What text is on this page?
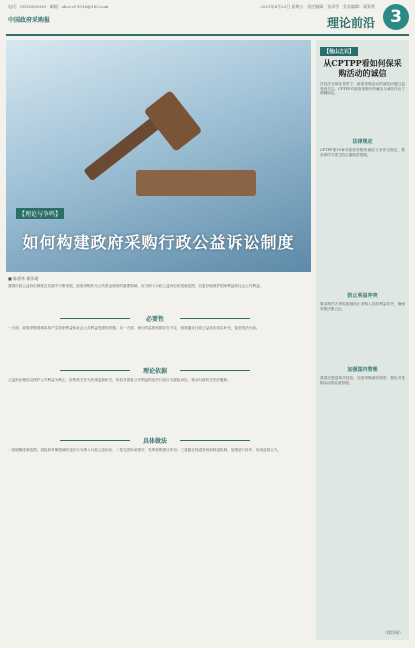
电话：(0516)83090 · 邮箱：zhcs·cl·1010@163.com
中国政府采购报
2021年4月23日 星期五 · 责任编辑：张泽雪 · 美术编辑：梁菊香
理论前沿 3
【理论与争鸣】
如何构建政府采购行政公益诉讼制度
■ 陈勇华 徐洋瑶
我国行政公益诉讼制度在实践中不断发展，政府采购作为公共资金使用的重要领域，应当纳入行政公益诉讼的受案范围，以更好地维护国家利益和社会公共利益。
必要性
一方面，政府采购领域容易产生国家利益和社会公共利益受损的问题。另一方面，现行的监督机制存在不足，亟需通过行政公益诉讼加以补充，促进依法行政。
理论依据
公益诉讼理论以保护公共利益为核心，检察机关作为法律监督机关，有权对损害公共利益的违法行政行为提起诉讼，推动行政机关依法履职。
具体做法
一是明确受案范围，将政府采购领域的违法行为纳入行政公益诉讼；二是完善诉前程序，发挥检察建议作用；三是健全线索发现和移送机制，加强部门协作，形成监督合力。
【他山之石】
从CPTPP看如何保采购活动的诚信
在经济全球化背景下，政府采购活动的诚信问题日益受到关注。CPTPP对政府采购中的廉洁与诚信作出了明确规定。
法律规定
CPTPP第15章对政府采购的诚信义务作出规定，要求缔约方建立防止腐败的措施。
防止利益冲突
要求缔约方采取措施防止采购人员的利益冲突，确保采购决策公正。
加强国内管理
我国应借鉴相关经验，完善采购诚信制度，强化对采购活动的监督管理。
（徐洋瑶）
